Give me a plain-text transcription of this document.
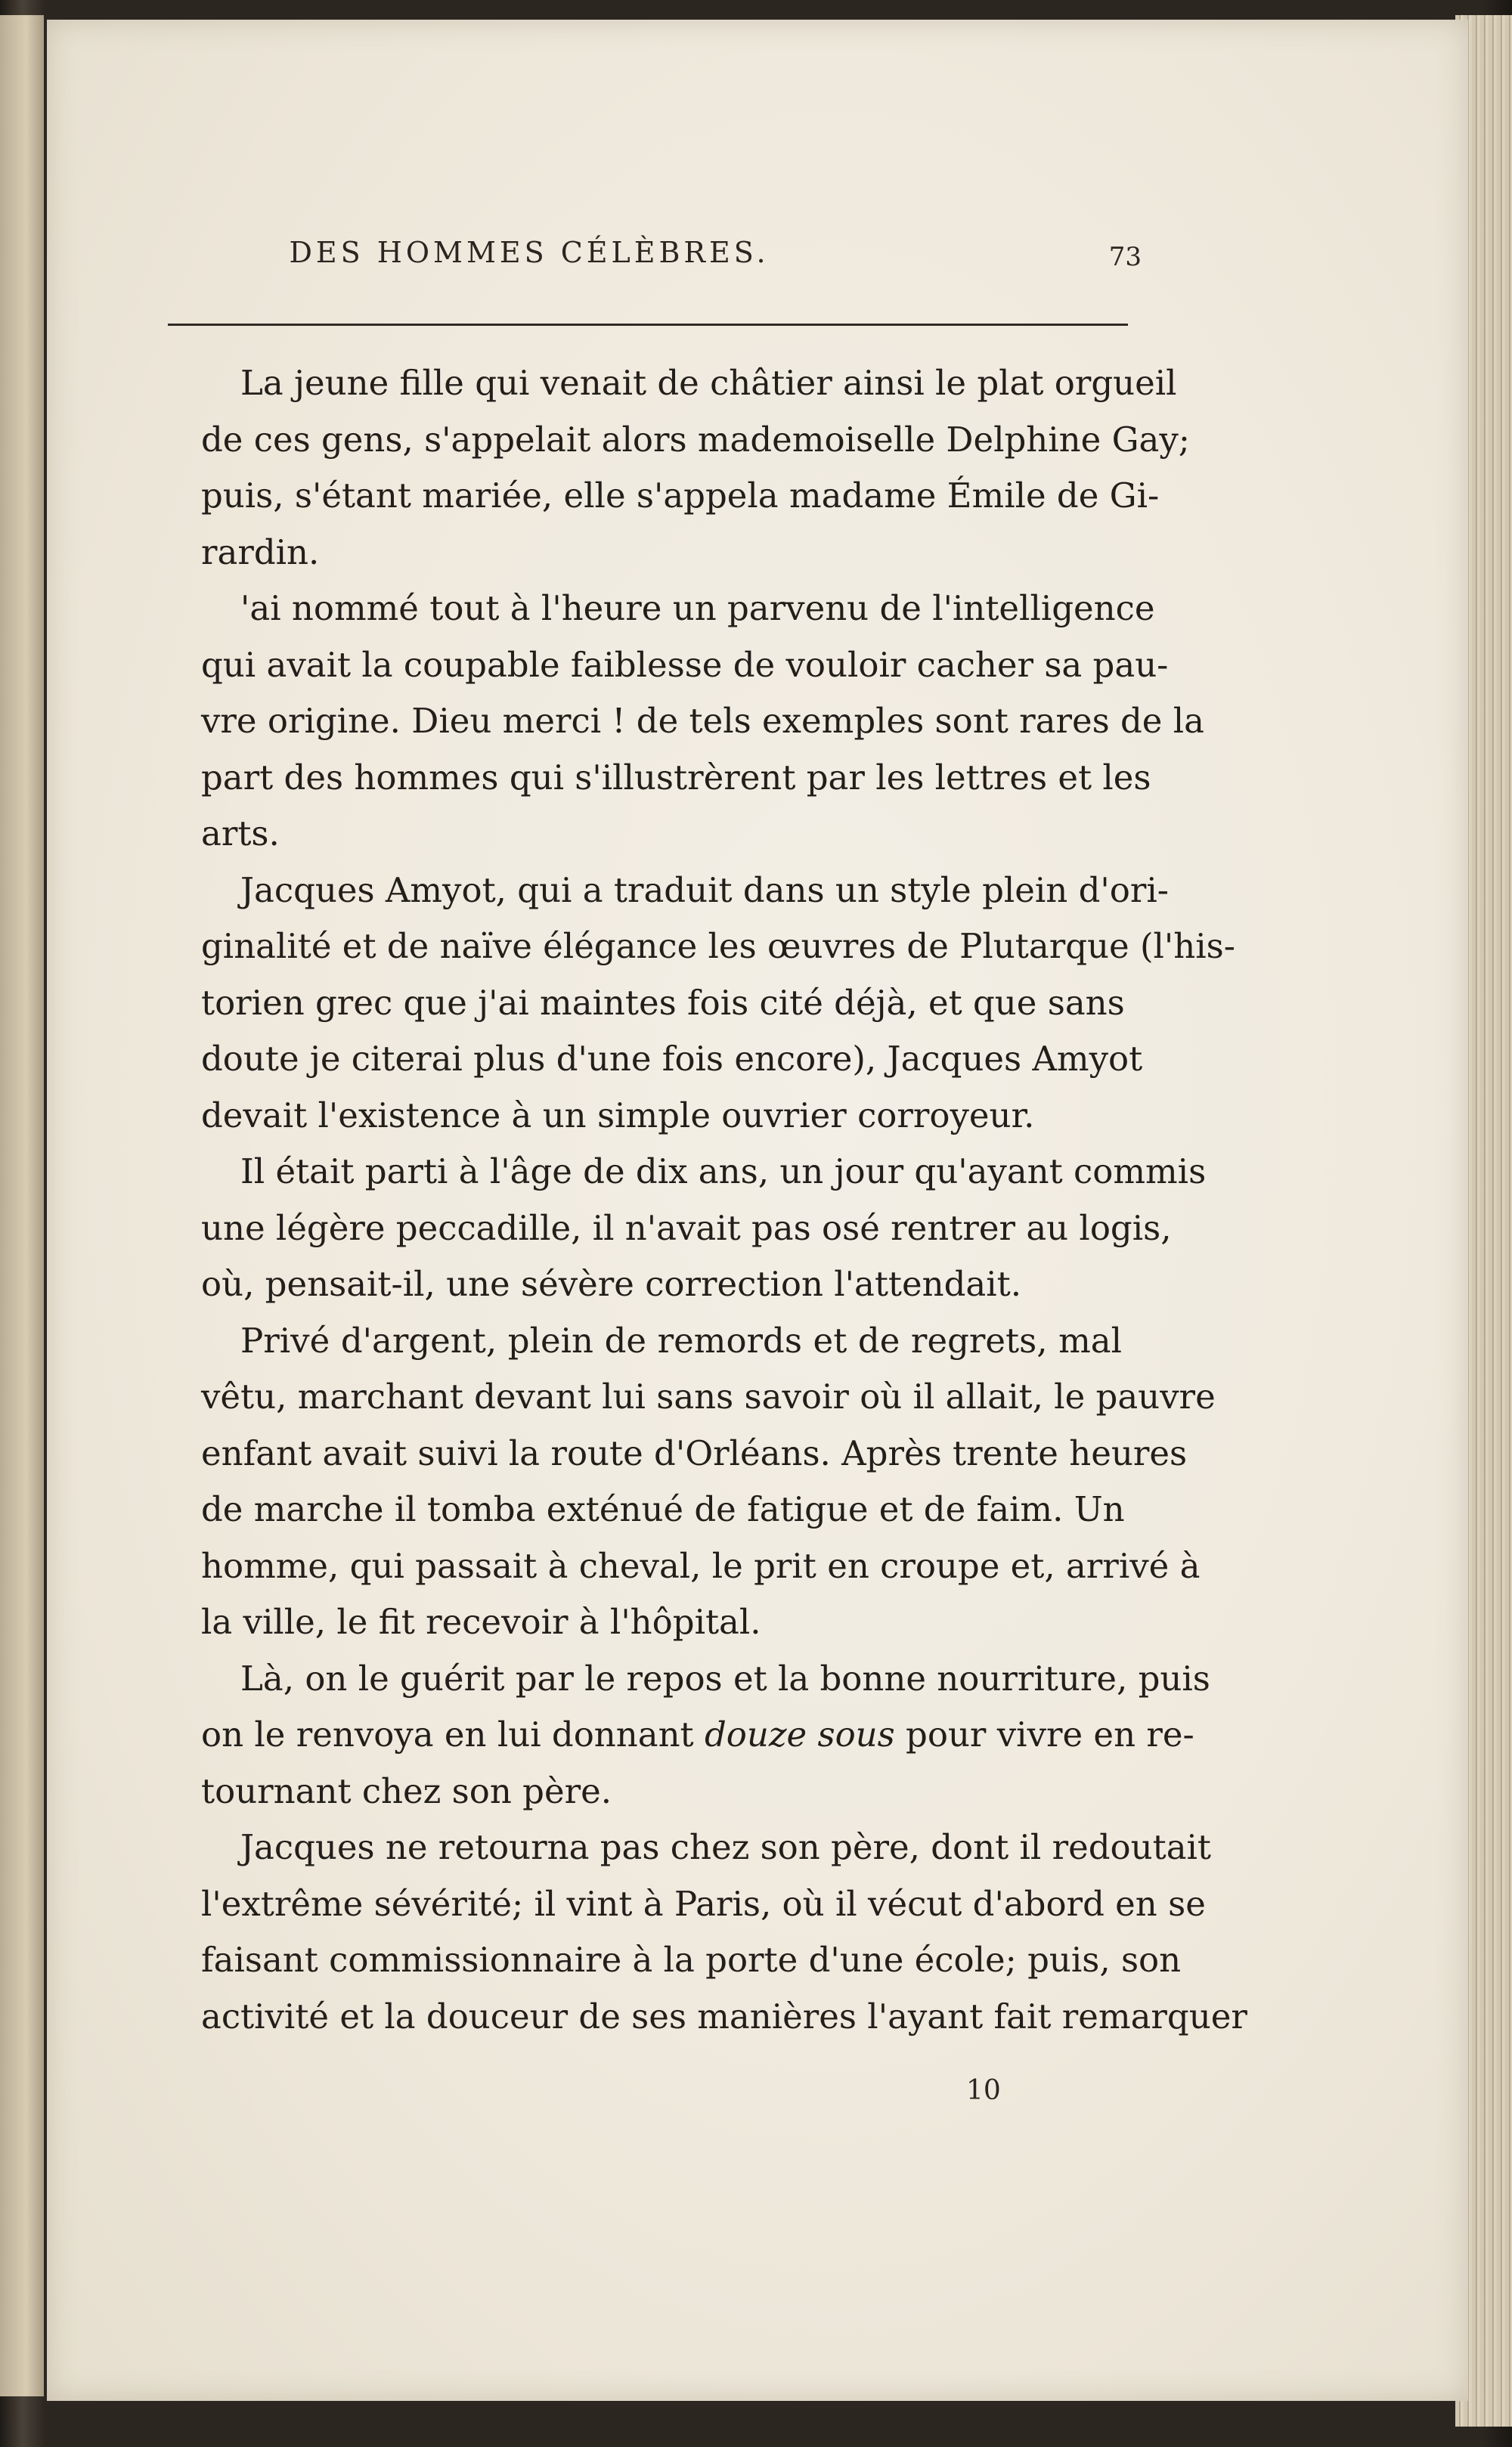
DES HOMMES CÉLÈBRES.	73
La jeune fille qui venait de châtier ainsi le plat orgueil
de ces gens, s'appelait alors mademoiselle Delphine Gay;
puis, s'étant mariée, elle s'appela madame Émile de Gi-
rardin.
'ai nommé tout à l'heure un parvenu de l'intelligence
qui avait la coupable faiblesse de vouloir cacher sa pau-
vre origine. Dieu merci ! de tels exemples sont rares de la
part des hommes qui s'illustrèrent par les lettres et les
arts.
Jacques Amyot, qui a traduit dans un style plein d'ori-
ginalité et de naïve élégance les œuvres de Plutarque (l'his-
torien grec que j'ai maintes fois cité déjà, et que sans
doute je citerai plus d'une fois encore), Jacques Amyot
devait l'existence à un simple ouvrier corroyeur.
Il était parti à l'âge de dix ans, un jour qu'ayant commis
une légère peccadille, il n'avait pas osé rentrer au logis,
où, pensait-il, une sévère correction l'attendait.
Privé d'argent, plein de remords et de regrets, mal
vêtu, marchant devant lui sans savoir où il allait, le pauvre
enfant avait suivi la route d'Orléans. Après trente heures
de marche il tomba exténué de fatigue et de faim. Un
homme, qui passait à cheval, le prit en croupe et, arrivé à
la ville, le fit recevoir à l'hôpital.
Là, on le guérit par le repos et la bonne nourriture, puis
on le renvoya en lui donnant douze sous pour vivre en re-
tournant chez son père.
Jacques ne retourna pas chez son père, dont il redoutait
l'extrême sévérité; il vint à Paris, où il vécut d'abord en se
faisant commissionnaire à la porte d'une école; puis, son
activité et la douceur de ses manières l'ayant fait remarquer
10
